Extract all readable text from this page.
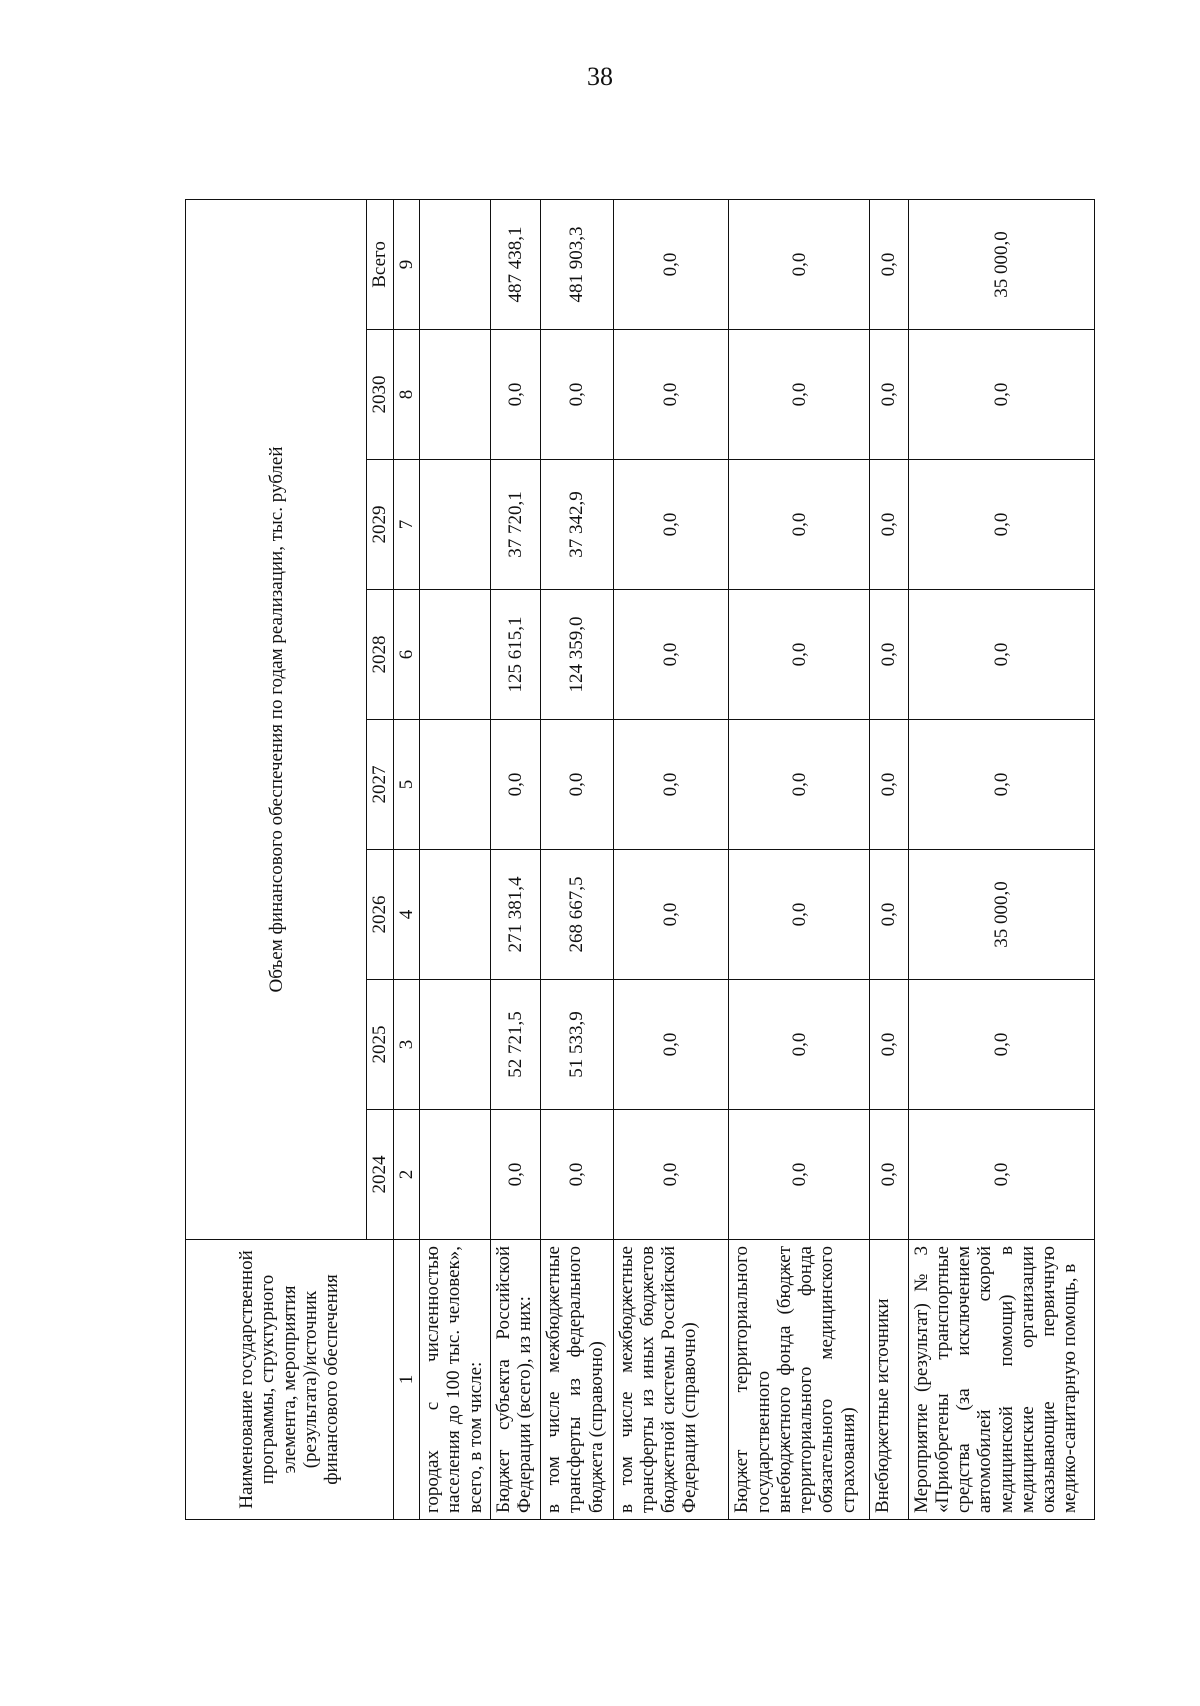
38
Наименование государственной программы, структурного элемента, мероприятия (результата)/источник финансового обеспечения	Объем финансового обеспечения по годам реализации, тыс. рублей							
	2024	2025	2026	2027	2028	2029	2030	Всего
1	2	3	4	5	6	7	8	9
городах с численностью населения до 100 тыс. человек», всего, в том числе:								
Бюджет субъекта Российской Федерации (всего), из них:	0,0	52 721,5	271 381,4	0,0	125 615,1	37 720,1	0,0	487 438,1
в том числе межбюджетные трансферты из федерального бюджета (справочно)	0,0	51 533,9	268 667,5	0,0	124 359,0	37 342,9	0,0	481 903,3
в том числе межбюджетные трансферты из иных бюджетов бюджетной системы Российской Федерации (справочно)	0,0	0,0	0,0	0,0	0,0	0,0	0,0	0,0
Бюджет территориального государственного внебюджетного фонда (бюджет территориального фонда обязательного медицинского страхования)	0,0	0,0	0,0	0,0	0,0	0,0	0,0	0,0
Внебюджетные источники	0,0	0,0	0,0	0,0	0,0	0,0	0,0	0,0
Мероприятие (результат) № 3 «Приобретены транспортные средства (за исключением автомобилей скорой медицинской помощи) в медицинские организации оказывающие первичную медико-санитарную помощь, в	0,0	0,0	35 000,0	0,0	0,0	0,0	0,0	35 000,0
